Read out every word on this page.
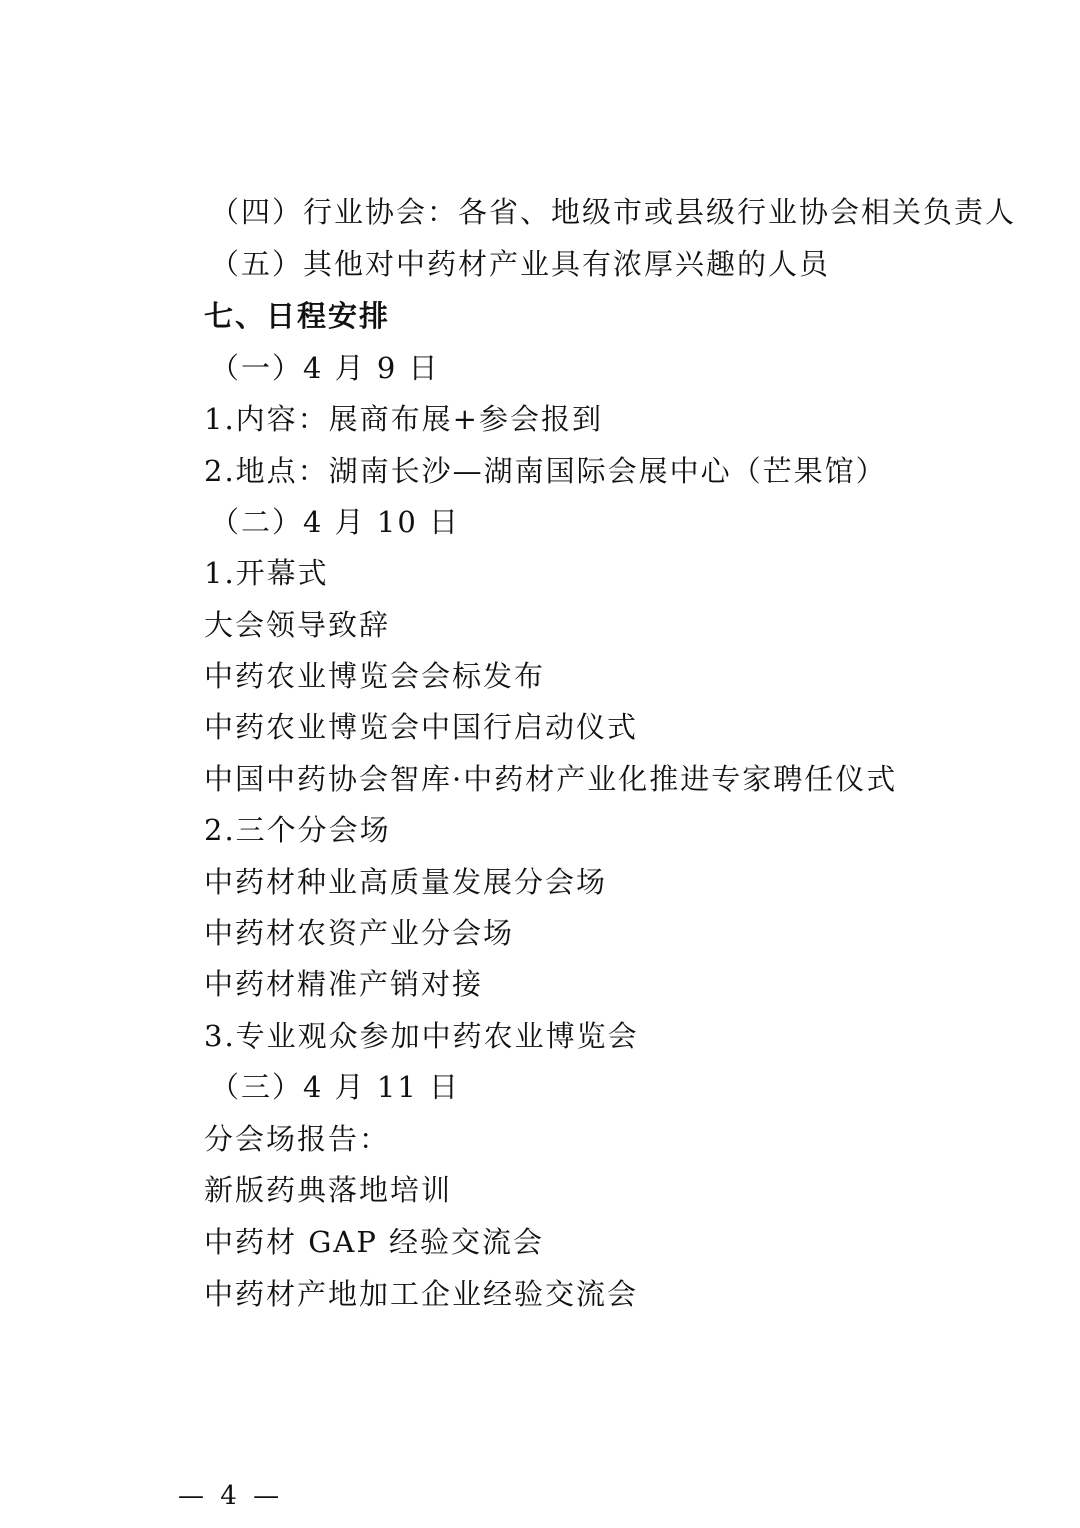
（四）行业协会：各省、地级市或县级行业协会相关负责人
（五）其他对中药材产业具有浓厚兴趣的人员
七、日程安排
（一）4 月 9 日
1.内容：展商布展+参会报到
2.地点：湖南长沙—湖南国际会展中心（芒果馆）
（二）4 月 10 日
1.开幕式
大会领导致辞
中药农业博览会会标发布
中药农业博览会中国行启动仪式
中国中药协会智库·中药材产业化推进专家聘任仪式
2.三个分会场
中药材种业高质量发展分会场
中药材农资产业分会场
中药材精准产销对接
3.专业观众参加中药农业博览会
（三）4 月 11 日
分会场报告：
新版药典落地培训
中药材 GAP 经验交流会
中药材产地加工企业经验交流会
— 4 —
